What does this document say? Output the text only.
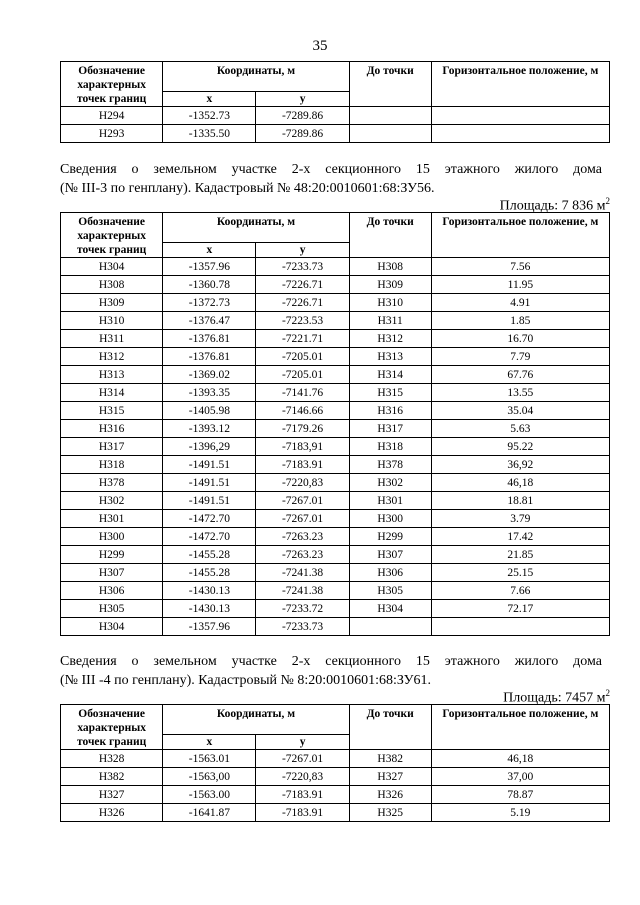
35
Обозначение характерных точек границ	Координаты, м		До точки	Горизонтальное положение, м
	x	y		
Н294	-1352.73	-7289.86		
Н293	-1335.50	-7289.86		
Сведения о земельном участке 2-х секционного 15 этажного жилого дома
(№ III-3 по генплану). Кадастровый № 48:20:0010601:68:ЗУ56.
Площадь: 7 836 $м^2$
Обозначение характерных точек границ	Координаты, м		До точки	Горизонтальное положение, м
	x	y		
Н304	-1357.96	-7233.73	Н308	7.56
Н308	-1360.78	-7226.71	Н309	11.95
Н309	-1372.73	-7226.71	Н310	4.91
Н310	-1376.47	-7223.53	Н311	1.85
Н311	-1376.81	-7221.71	Н312	16.70
Н312	-1376.81	-7205.01	Н313	7.79
Н313	-1369.02	-7205.01	Н314	67.76
Н314	-1393.35	-7141.76	Н315	13.55
Н315	-1405.98	-7146.66	Н316	35.04
Н316	-1393.12	-7179.26	Н317	5.63
Н317	-1396,29	-7183,91	Н318	95.22
Н318	-1491.51	-7183.91	Н378	36,92
Н378	-1491.51	-7220,83	Н302	46,18
Н302	-1491.51	-7267.01	Н301	18.81
Н301	-1472.70	-7267.01	Н300	3.79
Н300	-1472.70	-7263.23	Н299	17.42
Н299	-1455.28	-7263.23	Н307	21.85
Н307	-1455.28	-7241.38	Н306	25.15
Н306	-1430.13	-7241.38	Н305	7.66
Н305	-1430.13	-7233.72	Н304	72.17
Н304	-1357.96	-7233.73		
Сведения о земельном участке 2-х секционного 15 этажного жилого дома
(№ III -4 по генплану). Кадастровый № 8:20:0010601:68:ЗУ61.
Площадь: 7457 $м^2$
Обозначение характерных точек границ	Координаты, м		До точки	Горизонтальное положение, м
	x	y		
Н328	-1563.01	-7267.01	Н382	46,18
Н382	-1563,00	-7220,83	Н327	37,00
Н327	-1563.00	-7183.91	Н326	78.87
Н326	-1641.87	-7183.91	Н325	5.19
